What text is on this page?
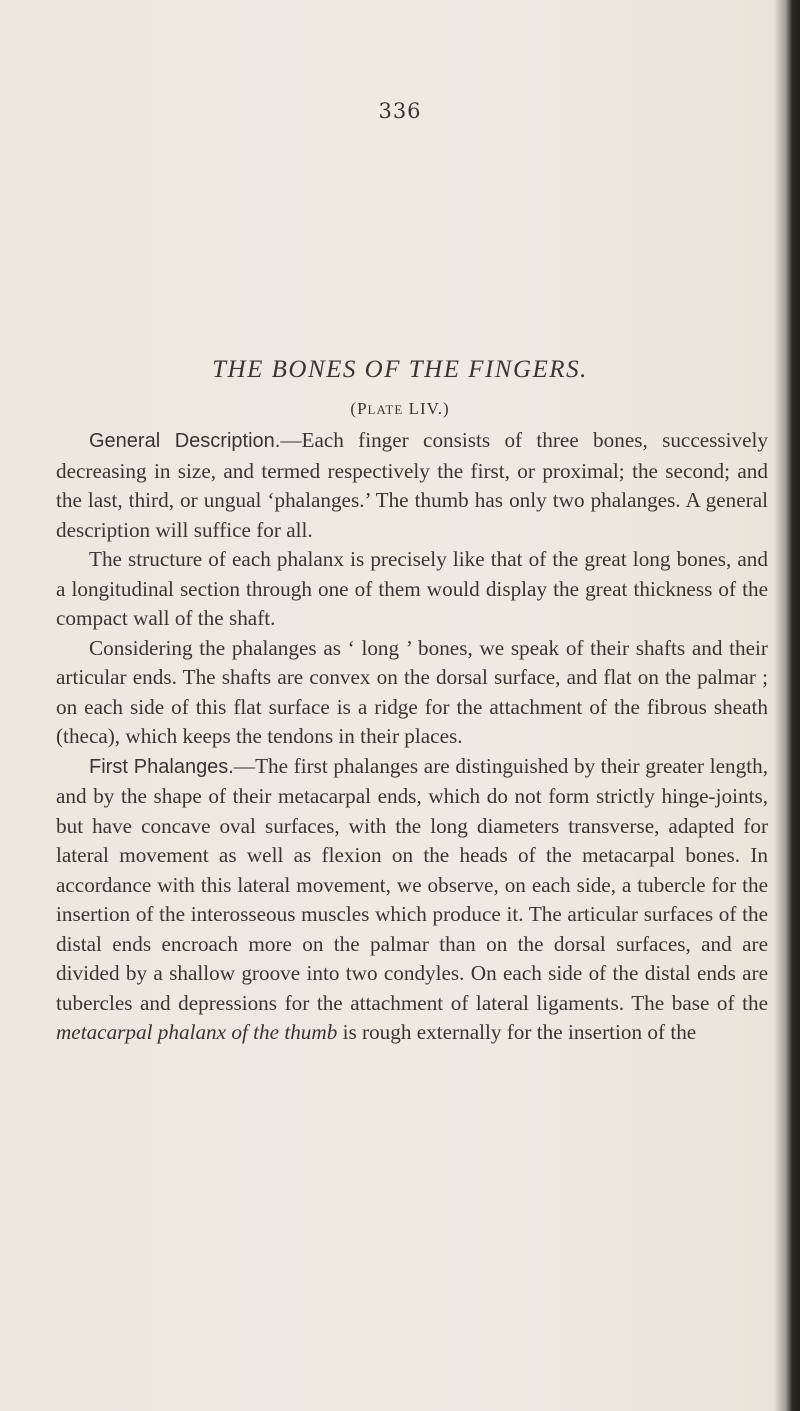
336
THE BONES OF THE FINGERS.
(PLATE LIV.)

General Description.—Each finger consists of three bones, successively decreasing in size, and termed respectively the first, or proximal; the second; and the last, third, or ungual ‘phalanges.’ The thumb has only two phalanges. A general description will suffice for all.

The structure of each phalanx is precisely like that of the great long bones, and a longitudinal section through one of them would display the great thickness of the compact wall of the shaft.

Considering the phalanges as ‘ long ’ bones, we speak of their shafts and their articular ends. The shafts are convex on the dorsal surface, and flat on the palmar ; on each side of this flat surface is a ridge for the attachment of the fibrous sheath (theca), which keeps the tendons in their places.

First Phalanges.—The first phalanges are distinguished by their greater length, and by the shape of their metacarpal ends, which do not form strictly hinge-joints, but have concave oval surfaces, with the long diameters transverse, adapted for lateral movement as well as flexion on the heads of the metacarpal bones. In accordance with this lateral movement, we observe, on each side, a tubercle for the insertion of the interosseous muscles which produce it. The articular surfaces of the distal ends encroach more on the palmar than on the dorsal surfaces, and are divided by a shallow groove into two condyles. On each side of the distal ends are tubercles and depressions for the attachment of lateral ligaments. The base of the metacarpal phalanx of the thumb is rough externally for the insertion of the
